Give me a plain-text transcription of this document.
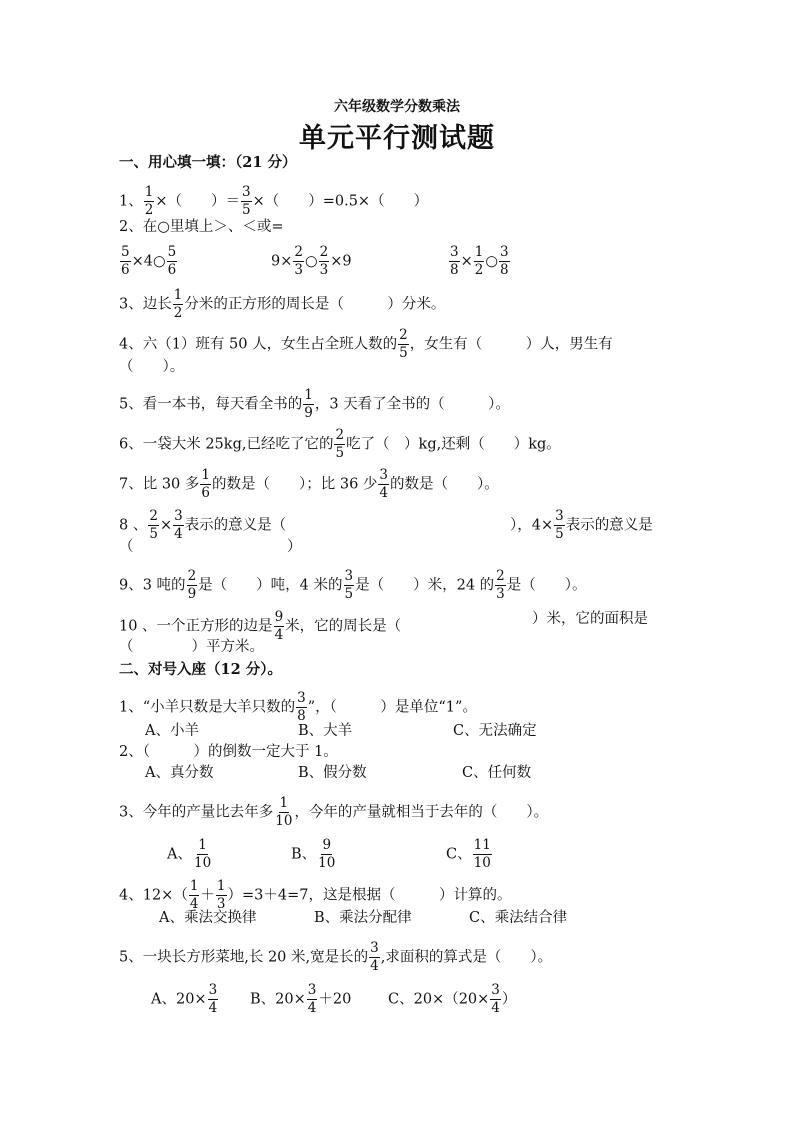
六年级数学分数乘法
单元平行测试题
一、用心填一填：（21 分）
1、 $\frac{1}{2}$ ×（　　）＝ $\frac{3}{5}$ ×（　　）=0.5×（　　）
2、在○里填上＞、＜或=
$\frac{5}{6}$ ×4○ $\frac{5}{6}$	$9\times \frac{2}{3}$ ○ $\frac{2}{3} \times 9$	$\frac{3}{8} \times \frac{1}{2}$ ○ $\frac{3}{8}$
3、边长 $\frac{1}{2}$ 分米的正方形的周长是（　　　）分米。
4、六（1）班有 50 人，女生占全班人数的 $\frac{2}{5}$ ，女生有（　　　）人，男生有
（　　）。
5、看一本书，每天看全书的 $\frac{1}{9}$ ，3 天看了全书的（　　　）。
6、一袋大米 25kg,已经吃了它的 $\frac{2}{5}$ 吃了（　）kg,还剩（　　）kg。
7、比 30 多 $\frac{1}{6}$ 的数是（　　）；比 36 少 $\frac{3}{4}$ 的数是（　　）。
8 、 $\frac{2}{5} \times \frac{3}{4}$ 表示的意义是（	），$4\times \frac{3}{5}$ 表示的意义是
（	）
9、3 吨的 $\frac{2}{9}$ 是（　　）吨，4 米的 $\frac{3}{5}$ 是（　　）米，24 的 $\frac{2}{3}$ 是（　　）。
10 、一个正方形的边是 $\frac{9}{4}$ 米，它的周长是（	）米，它的面积是
（　　　　）平方米。
二、对号入座（12 分）。
1、“小羊只数是大羊只数的 $\frac{3}{8}$ ”，（　　　）是单位“1”。
A、小羊	B、大羊	C、无法确定
2、（　　　）的倒数一定大于 1。
A、真分数	B、假分数	C、任何数
3、今年的产量比去年多 $\frac{1}{10}$ ，今年的产量就相当于去年的（　　）。
A、 $\frac{1}{10}$	B、 $\frac{9}{10}$	C、 $\frac{11}{10}$
4、$12\times( \frac{1}{4} + \frac{1}{3} )=3+4=7$，这是根据（　　　）计算的。
A、乘法交换律	B、乘法分配律	C、乘法结合律
5、一块长方形菜地,长 20 米,宽是长的 $\frac{3}{4}$ ,求面积的算式是（　　）。
A、$20\times \frac{3}{4}$ B、$20\times \frac{3}{4} +20$	C、$20\times(20\times \frac{3}{4}$ ）
